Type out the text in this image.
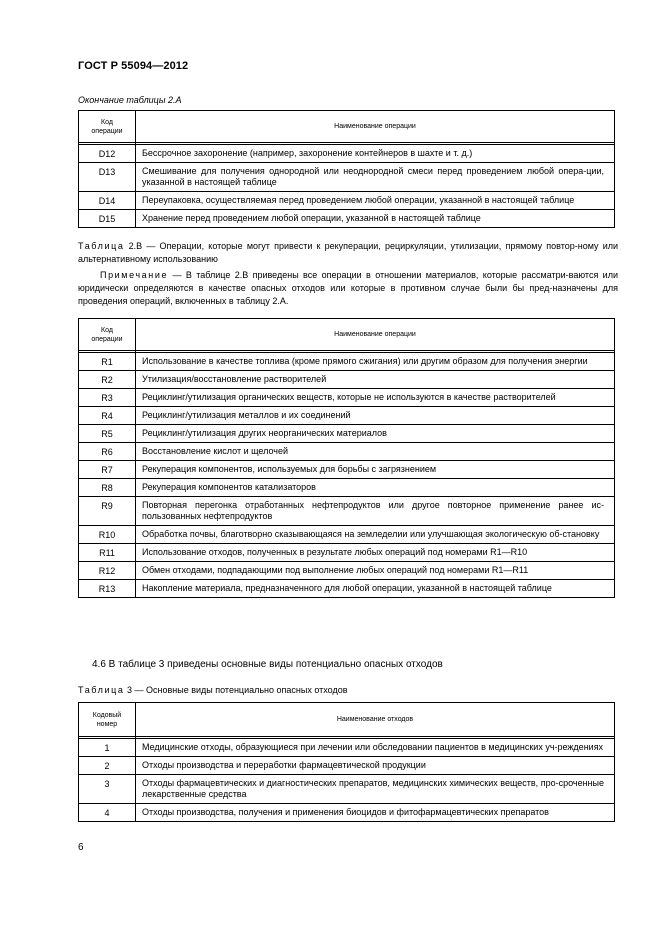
ГОСТ Р 55094—2012
Окончание таблицы 2.А
Код
операции	Наименование операции

D12	Бессрочное захоронение (например, захоронение контейнеров в шахте и т. д.)
D13	Смешивание для получения однородной или неоднородной смеси перед проведением любой опера-ции, указанной в настоящей таблице
D14	Переупаковка, осуществляемая перед проведением любой операции, указанной в настоящей таблице
D15	Хранение перед проведением любой операции, указанной в настоящей таблице
Таблица 2.В — Операции, которые могут привести к рекуперации, рециркуляции, утилизации, прямому повтор-ному или альтернативному использованию
Примечание — В таблице 2.В приведены все операции в отношении материалов, которые рассматри-ваются или юридически определяются в качестве опасных отходов или которые в противном случае были бы пред-назначены для проведения операций, включенных в таблицу 2.А.
Код
операции	Наименование операции

R1	Использование в качестве топлива (кроме прямого сжигания) или другим образом для получения энергии
R2	Утилизация/восстановление растворителей
R3	Рециклинг/утилизация органических веществ, которые не используются в качестве растворителей
R4	Рециклинг/утилизация металлов и их соединений
R5	Рециклинг/утилизация других неорганических материалов
R6	Восстановление кислот и щелочей
R7	Рекуперация компонентов, используемых для борьбы с загрязнением
R8	Рекуперация компонентов катализаторов
R9	Повторная перегонка отработанных нефтепродуктов или другое повторное применение ранее ис-пользованных нефтепродуктов
R10	Обработка почвы, благотворно сказывающаяся на земледелии или улучшающая экологическую об-становку
R11	Использование отходов, полученных в результате любых операций под номерами R1—R10
R12	Обмен отходами, подпадающими под выполнение любых операций под номерами R1—R11
R13	Накопление материала, предназначенного для любой операции, указанной в настоящей таблице
4.6 В таблице 3 приведены основные виды потенциально опасных отходов
Таблица 3 — Основные виды потенциально опасных отходов
Кодовый
номер	Наименование отходов

1	Медицинские отходы, образующиеся при лечении или обследовании пациентов в медицинских уч-реждениях
2	Отходы производства и переработки фармацевтической продукции
3	Отходы фармацевтических и диагностических препаратов, медицинских химических веществ, про-сроченные лекарственные средства
4	Отходы производства, получения и применения биоцидов и фитофармацевтических препаратов
6
